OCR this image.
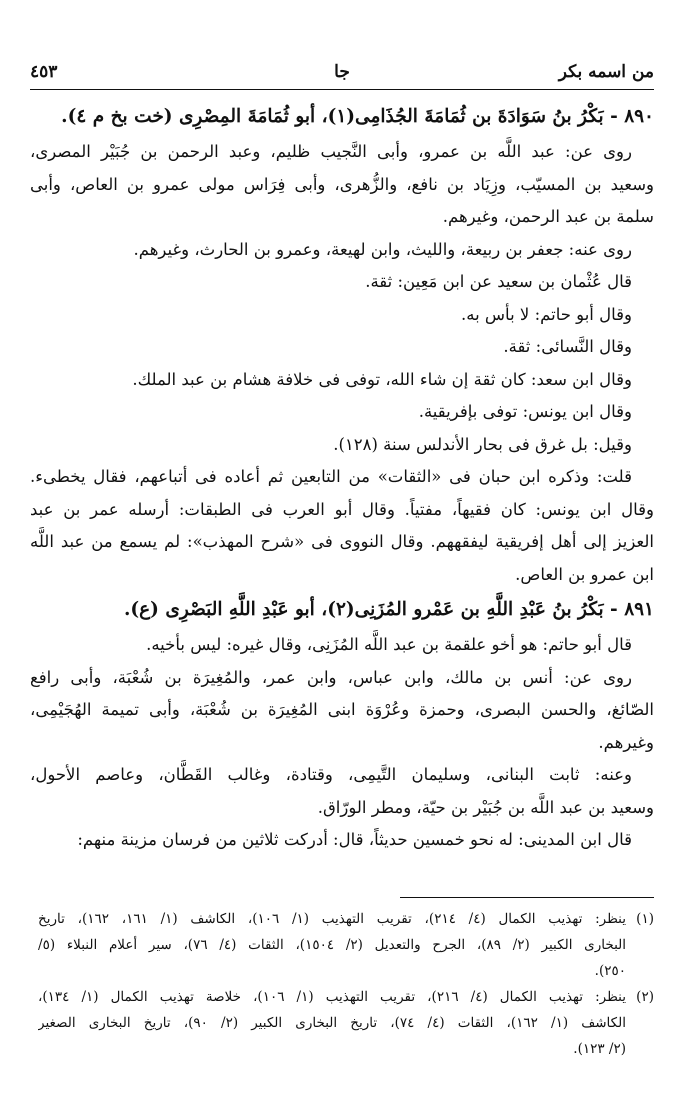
من اسمه بكر
جا
٤٥٣
٨٩٠ - بَكْرُ بنُ سَوَادَةَ بن ثُمَامَةَ الجُذَامِى(١)، أبو ثُمَامَةَ المِصْرِى (خت بخ م ٤).
روى عن: عبد اللَّه بن عمرو، وأبى النَّجيب ظليم، وعبد الرحمن بن جُبَيْر المصرى،
وسعيد بن المسيّب، وزِيَاد بن نافع، والزُّهرى، وأبى فِرَاس مولى عمرو بن العاص، وأبى
سلمة بن عبد الرحمن، وغيرهم.
روى عنه: جعفر بن ربيعة، والليث، وابن لهيعة، وعمرو بن الحارث، وغيرهم.
قال عُثْمان بن سعيد عن ابن مَعِين: ثقة.
وقال أبو حاتم: لا بأس به.
وقال النَّسائى: ثقة.
وقال ابن سعد: كان ثقة إن شاء الله، توفى فى خلافة هشام بن عبد الملك.
وقال ابن يونس: توفى بإفريقية.
وقيل: بل غرق فى بحار الأندلس سنة (١٢٨).
قلت: وذكره ابن حبان فى «الثقات» من التابعين ثم أعاده فى أتباعهم، فقال يخطىء.
وقال ابن يونس: كان فقيهاً، مفتياً. وقال أبو العرب فى الطبقات: أرسله عمر بن عبد
العزيز إلى أهل إفريقية ليفقههم. وقال النووى فى «شرح المهذب»: لم يسمع من عبد اللَّه
ابن عمرو بن العاص.
٨٩١ - بَكْرُ بنُ عَبْدِ اللَّهِ بن عَمْرو المُزَنِى(٢)، أبو عَبْدِ اللَّهِ البَصْرِى (ع).
قال أبو حاتم: هو أخو علقمة بن عبد اللَّه المُزَنِى، وقال غيره: ليس بأخيه.
روى عن: أنس بن مالك، وابن عباس، وابن عمر، والمُغِيرَة بن شُعْبَة، وأبى رافع
الصّائغ، والحسن البصرى، وحمزة وعُرْوَة ابنى المُغِيرَة بن شُعْبَة، وأبى تميمة الهُجَيْمِى،
وغيرهم.
وعنه: ثابت البنانى، وسليمان التَّيمِى، وقتادة، وغالب القَطَّان، وعاصم الأحول،
وسعيد بن عبد اللَّه بن جُبَيْر بن حيّة، ومطر الورّاق.
قال ابن المدينى: له نحو خمسين حديثاً، قال: أدركت ثلاثين من فرسان مزينة منهم:
(١)ينظر: تهذيب الكمال (٤/ ٢١٤)، تقريب التهذيب (١/ ١٠٦)، الكاشف (١/ ١٦١، ١٦٢)، تاريخ
البخارى الكبير (٢/ ٨٩)، الجرح والتعديل (٢/ ١٥٠٤)، الثقات (٤/ ٧٦)، سير أعلام النبلاء (٥/
٢٥٠).
(٢)ينظر: تهذيب الكمال (٤/ ٢١٦)، تقريب التهذيب (١/ ١٠٦)، خلاصة تهذيب الكمال (١/ ١٣٤)،
الكاشف (١/ ١٦٢)، الثقات (٤/ ٧٤)، تاريخ البخارى الكبير (٢/ ٩٠)، تاريخ البخارى الصغير
(٢/ ١٢٣).
